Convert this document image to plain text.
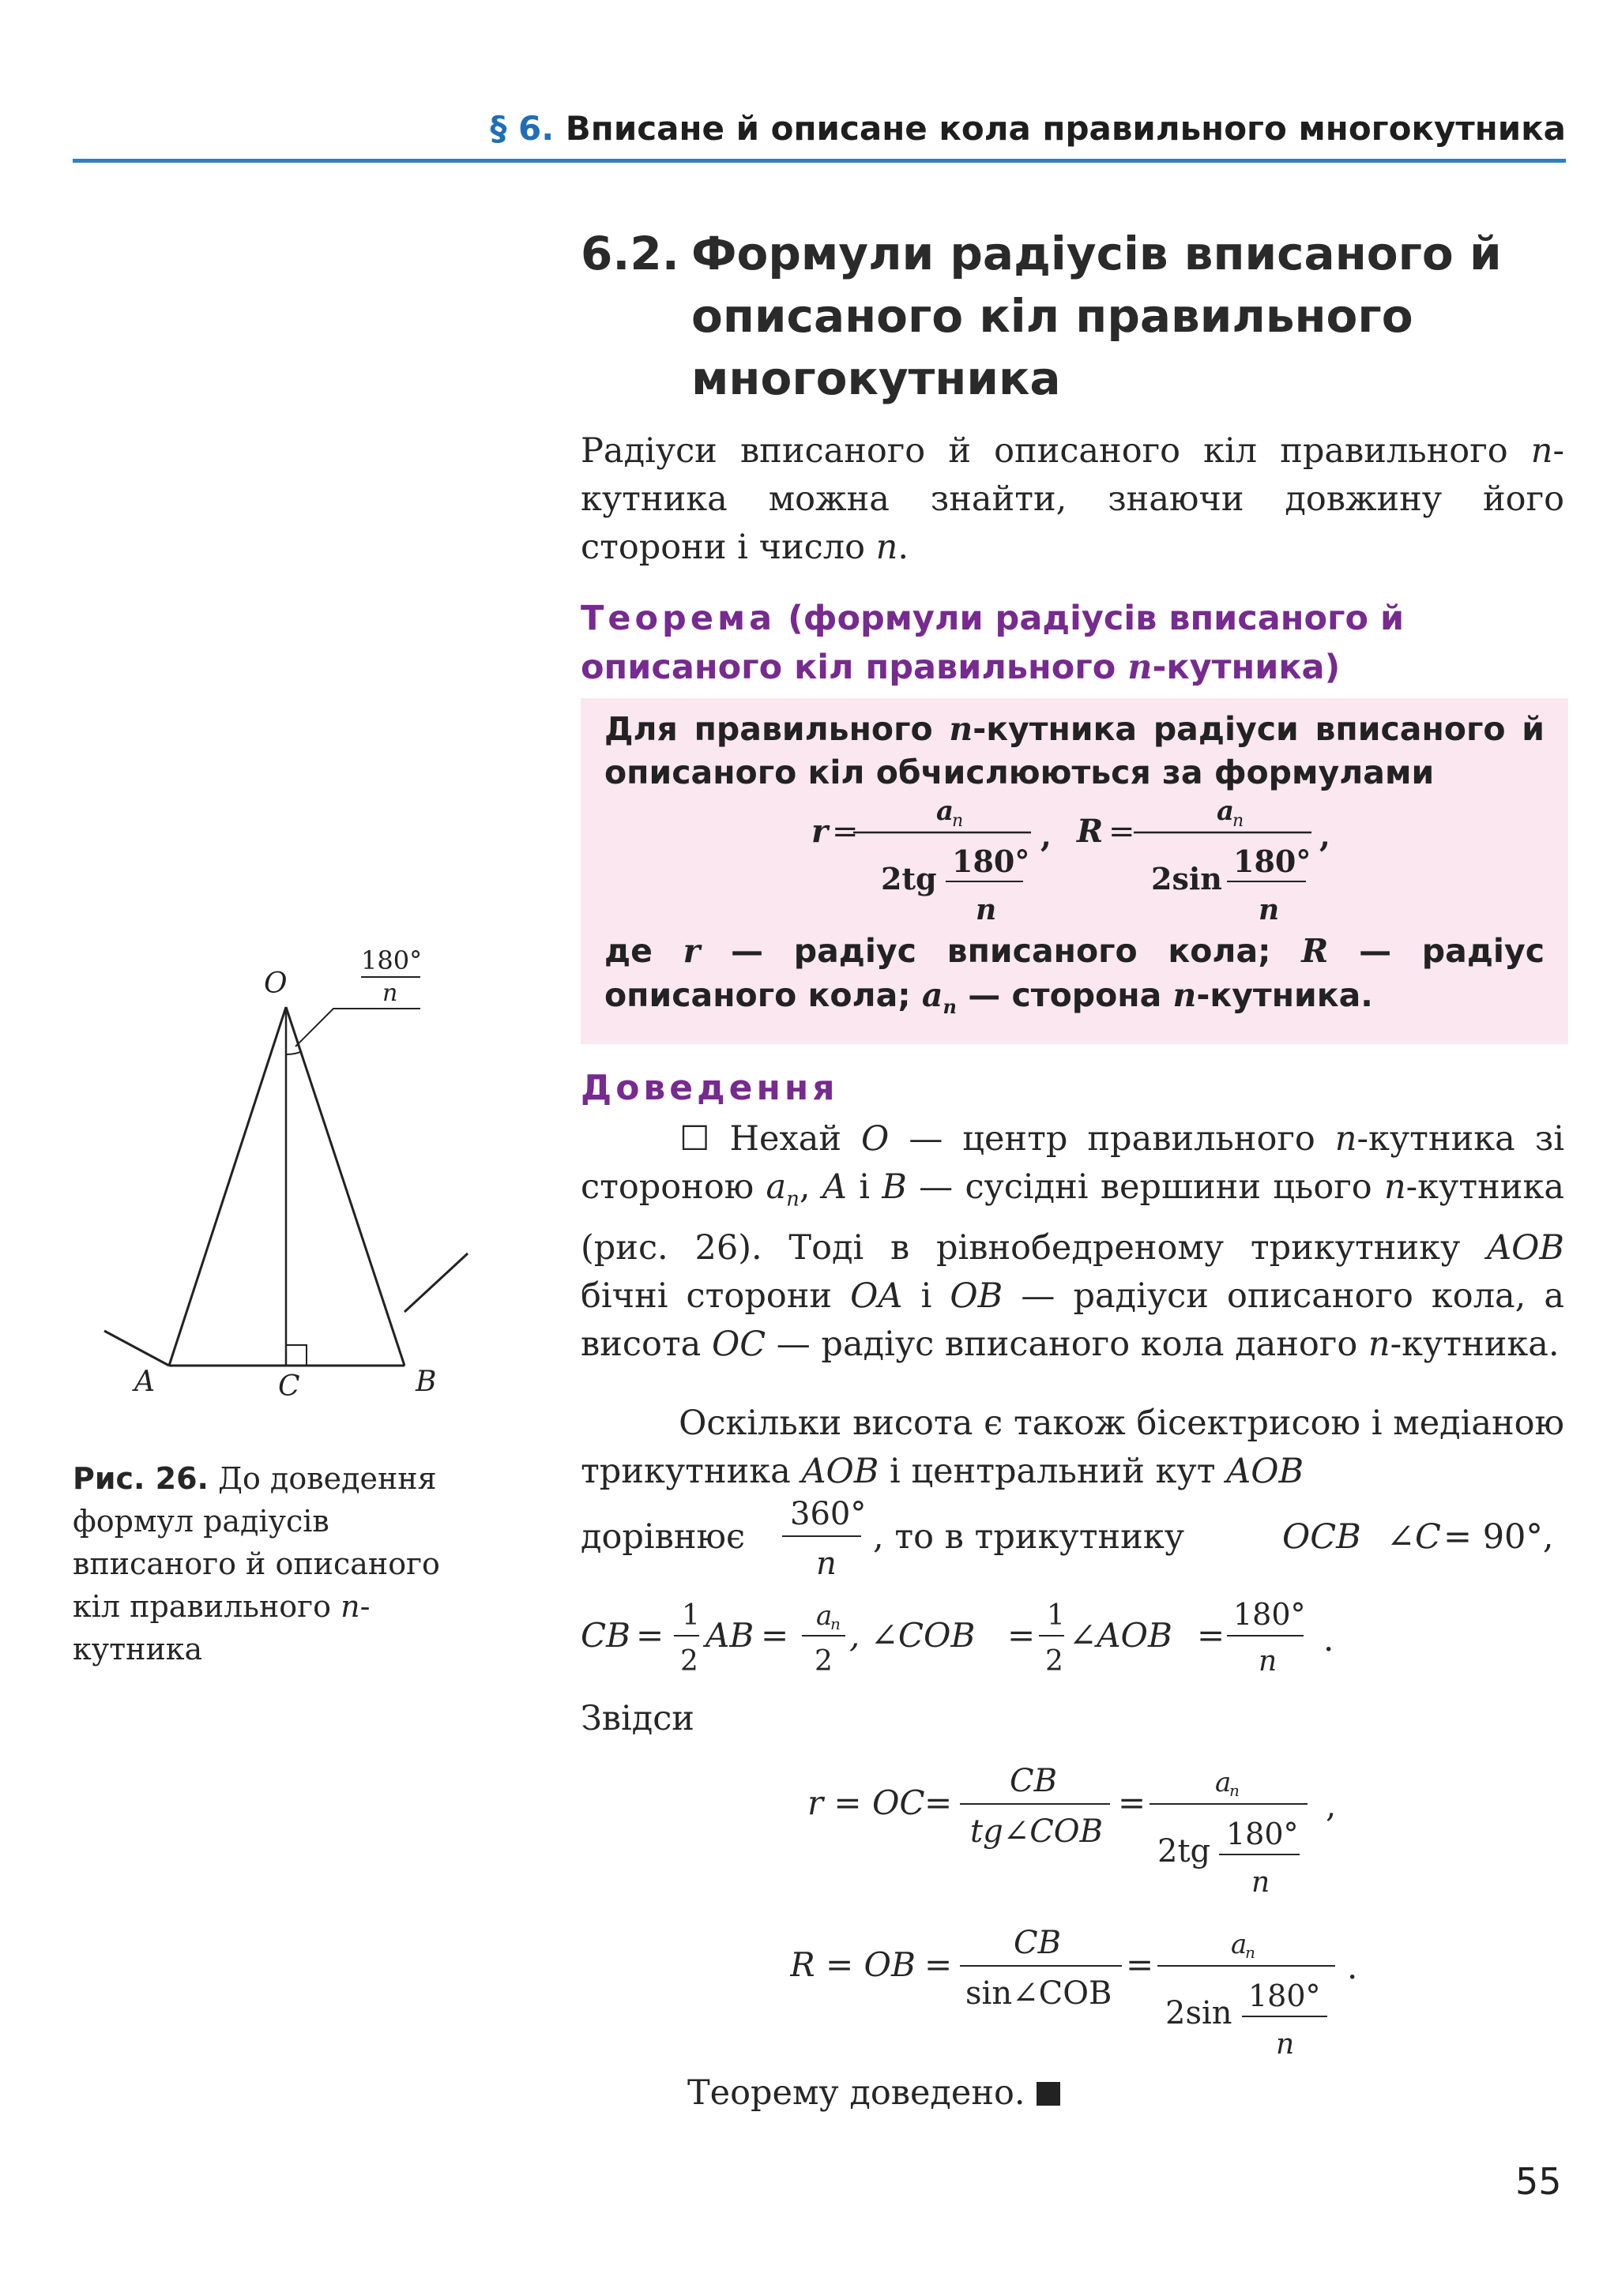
§ 6. Вписане й описане кола правильного многокутника
6.2. Формули радіусів вписаного й описаного кіл правильного многокутника
Радіуси вписаного й описаного кіл правильного n-кутника можна знайти, знаючи довжину його сторони і число n.
Теорема (формули радіусів вписаного й описаного кіл правильного n-кутника)
Для правильного n-кутника радіуси вписаного й описаного кіл обчислюються за формулами
r =
a
n
2tg 180°
n
, R =
a
n
2sin 180°
n
,
де r — радіус вписаного кола; R — радіус описаного кола; $a_n$ — сторона n-кутника.
Доведення
☐ Нехай O — центр правильного n-кутника зі стороною $a_n$, A і B — сусідні вершини цього n-кутника (рис. 26). Тоді в рівнобедреному трикутнику AOB бічні сторони OA і OB — радіуси описаного кола, а висота OC — радіус вписаного кола даного n-кутника.
Оскільки висота є також бісектрисою і медіаною трикутника AOB і центральний кут AOB
дорівнює
360°
n
, то в трикутнику	OCB ∠C = 90°,
CB =
1
2
AB = a
n
2
, ∠COB =
1
2
∠AOB =
180°
n
.
Звідси
r = OC =
CB
tg∠COB
=
a
n
2tg 180°
n
,
R = OB =
CB
sin∠COB
=
a
n
2sin 180°
n
.
Теорему доведено.
180°
n
O
A	C	B
Рис. 26. До доведення формул радіусів вписаного й описаного кіл правильного n-кутника
55
